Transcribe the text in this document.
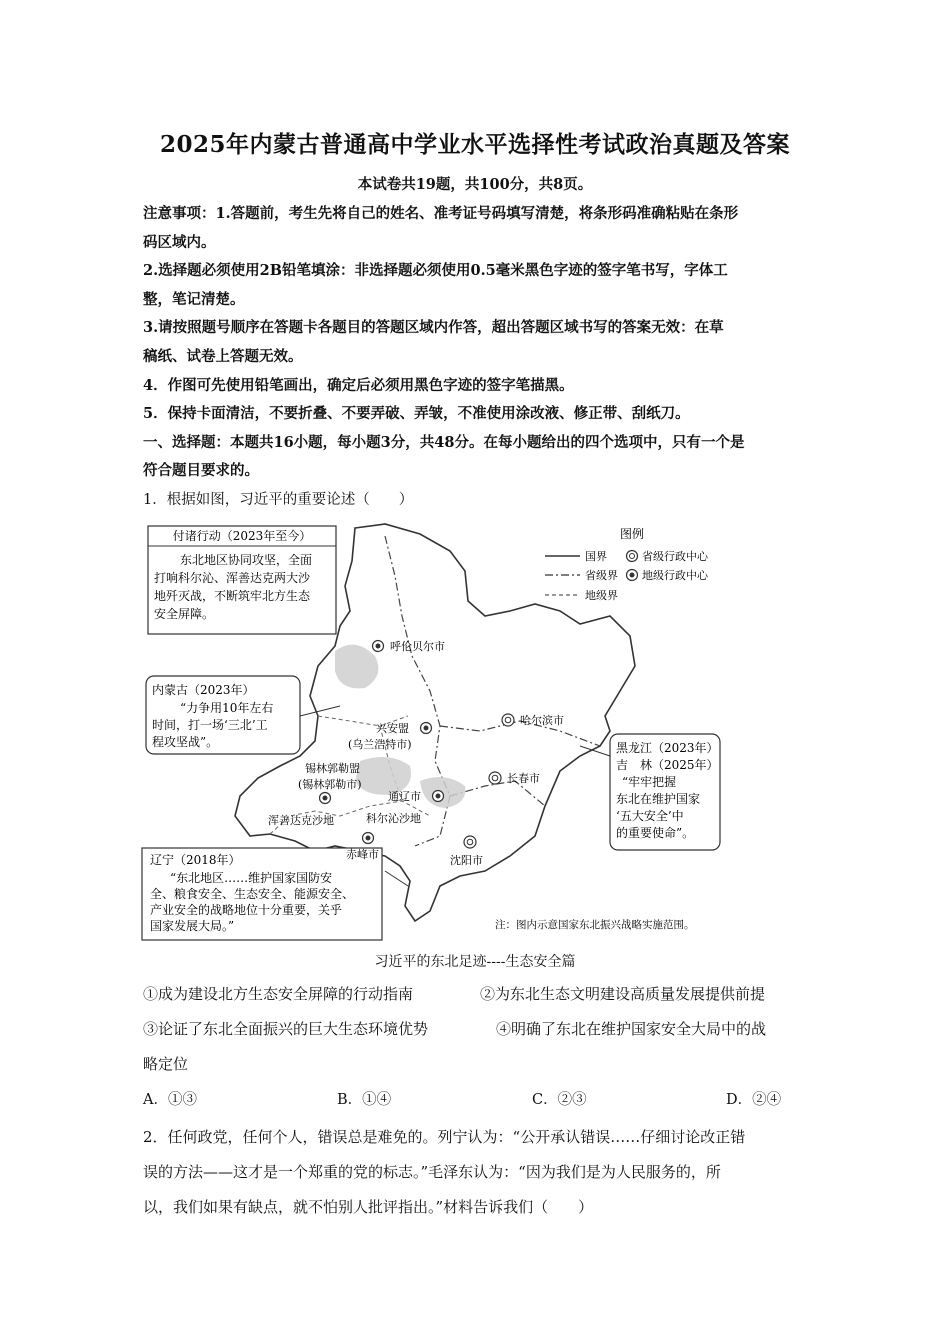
2025年内蒙古普通高中学业水平选择性考试政治真题及答案
本试卷共19题，共100分，共8页。

注意事项：1.答题前，考生先将自己的姓名、准考证号码填写清楚，将条形码准确粘贴在条形

码区域内。

2.选择题必须使用2B铅笔填涂：非选择题必须使用0.5毫米黑色字迹的签字笔书写，字体工

整，笔记清楚。

3.请按照题号顺序在答题卡各题目的答题区域内作答，超出答题区域书写的答案无效：在草

稿纸、试卷上答题无效。

4．作图可先使用铅笔画出，确定后必须用黑色字迹的签字笔描黑。

5．保持卡面清洁，不要折叠、不要弄破、弄皱，不准使用涂改液、修正带、刮纸刀。

一、选择题：本题共16小题，每小题3分，共48分。在每小题给出的四个选项中，只有一个是

符合题目要求的。

1．根据如图，习近平的重要论述（　　）
付诸行动（2023年至今）
东北地区协同攻坚，全面
打响科尔沁、浑善达克两大沙
地歼灭战，不断筑牢北方生态
安全屏障。
内蒙古（2023年）
“力争用10年左右
时间，打一场‘三北’工
程攻坚战”。	黑龙江（2023年）
吉　林（2025年）
“牢牢把握
东北在维护国家
‘五大安全’中
的重要使命”。
辽宁（2018年）
“东北地区……维护国家国防安
全、粮食安全、生态安全、能源安全、
产业安全的战略地位十分重要，关乎
国家发展大局。”
图例
国界
省级界
地级界
省级行政中心
地级行政中心
呼伦贝尔市
兴安盟
(乌兰浩特市)
锡林郭勒盟
(锡林郭勒市)
哈尔滨市
长春市
通辽市
浑善达克沙地	科尔沁沙地
赤峰市	沈阳市
注：图内示意国家东北振兴战略实施范围。
习近平的东北足迹----生态安全篇
①成为建设北方生态安全屏障的行动指南	②为东北生态文明建设高质量发展提供前提
③论证了东北全面振兴的巨大生态环境优势	④明确了东北在维护国家安全大局中的战
略定位
A．①③	B．①④	C．②③	D．②④

2．任何政党，任何个人，错误总是难免的。列宁认为：“公开承认错误……仔细讨论改正错

误的方法——这才是一个郑重的党的标志。”毛泽东认为：“因为我们是为人民服务的，所

以，我们如果有缺点，就不怕别人批评指出。”材料告诉我们（　　）
